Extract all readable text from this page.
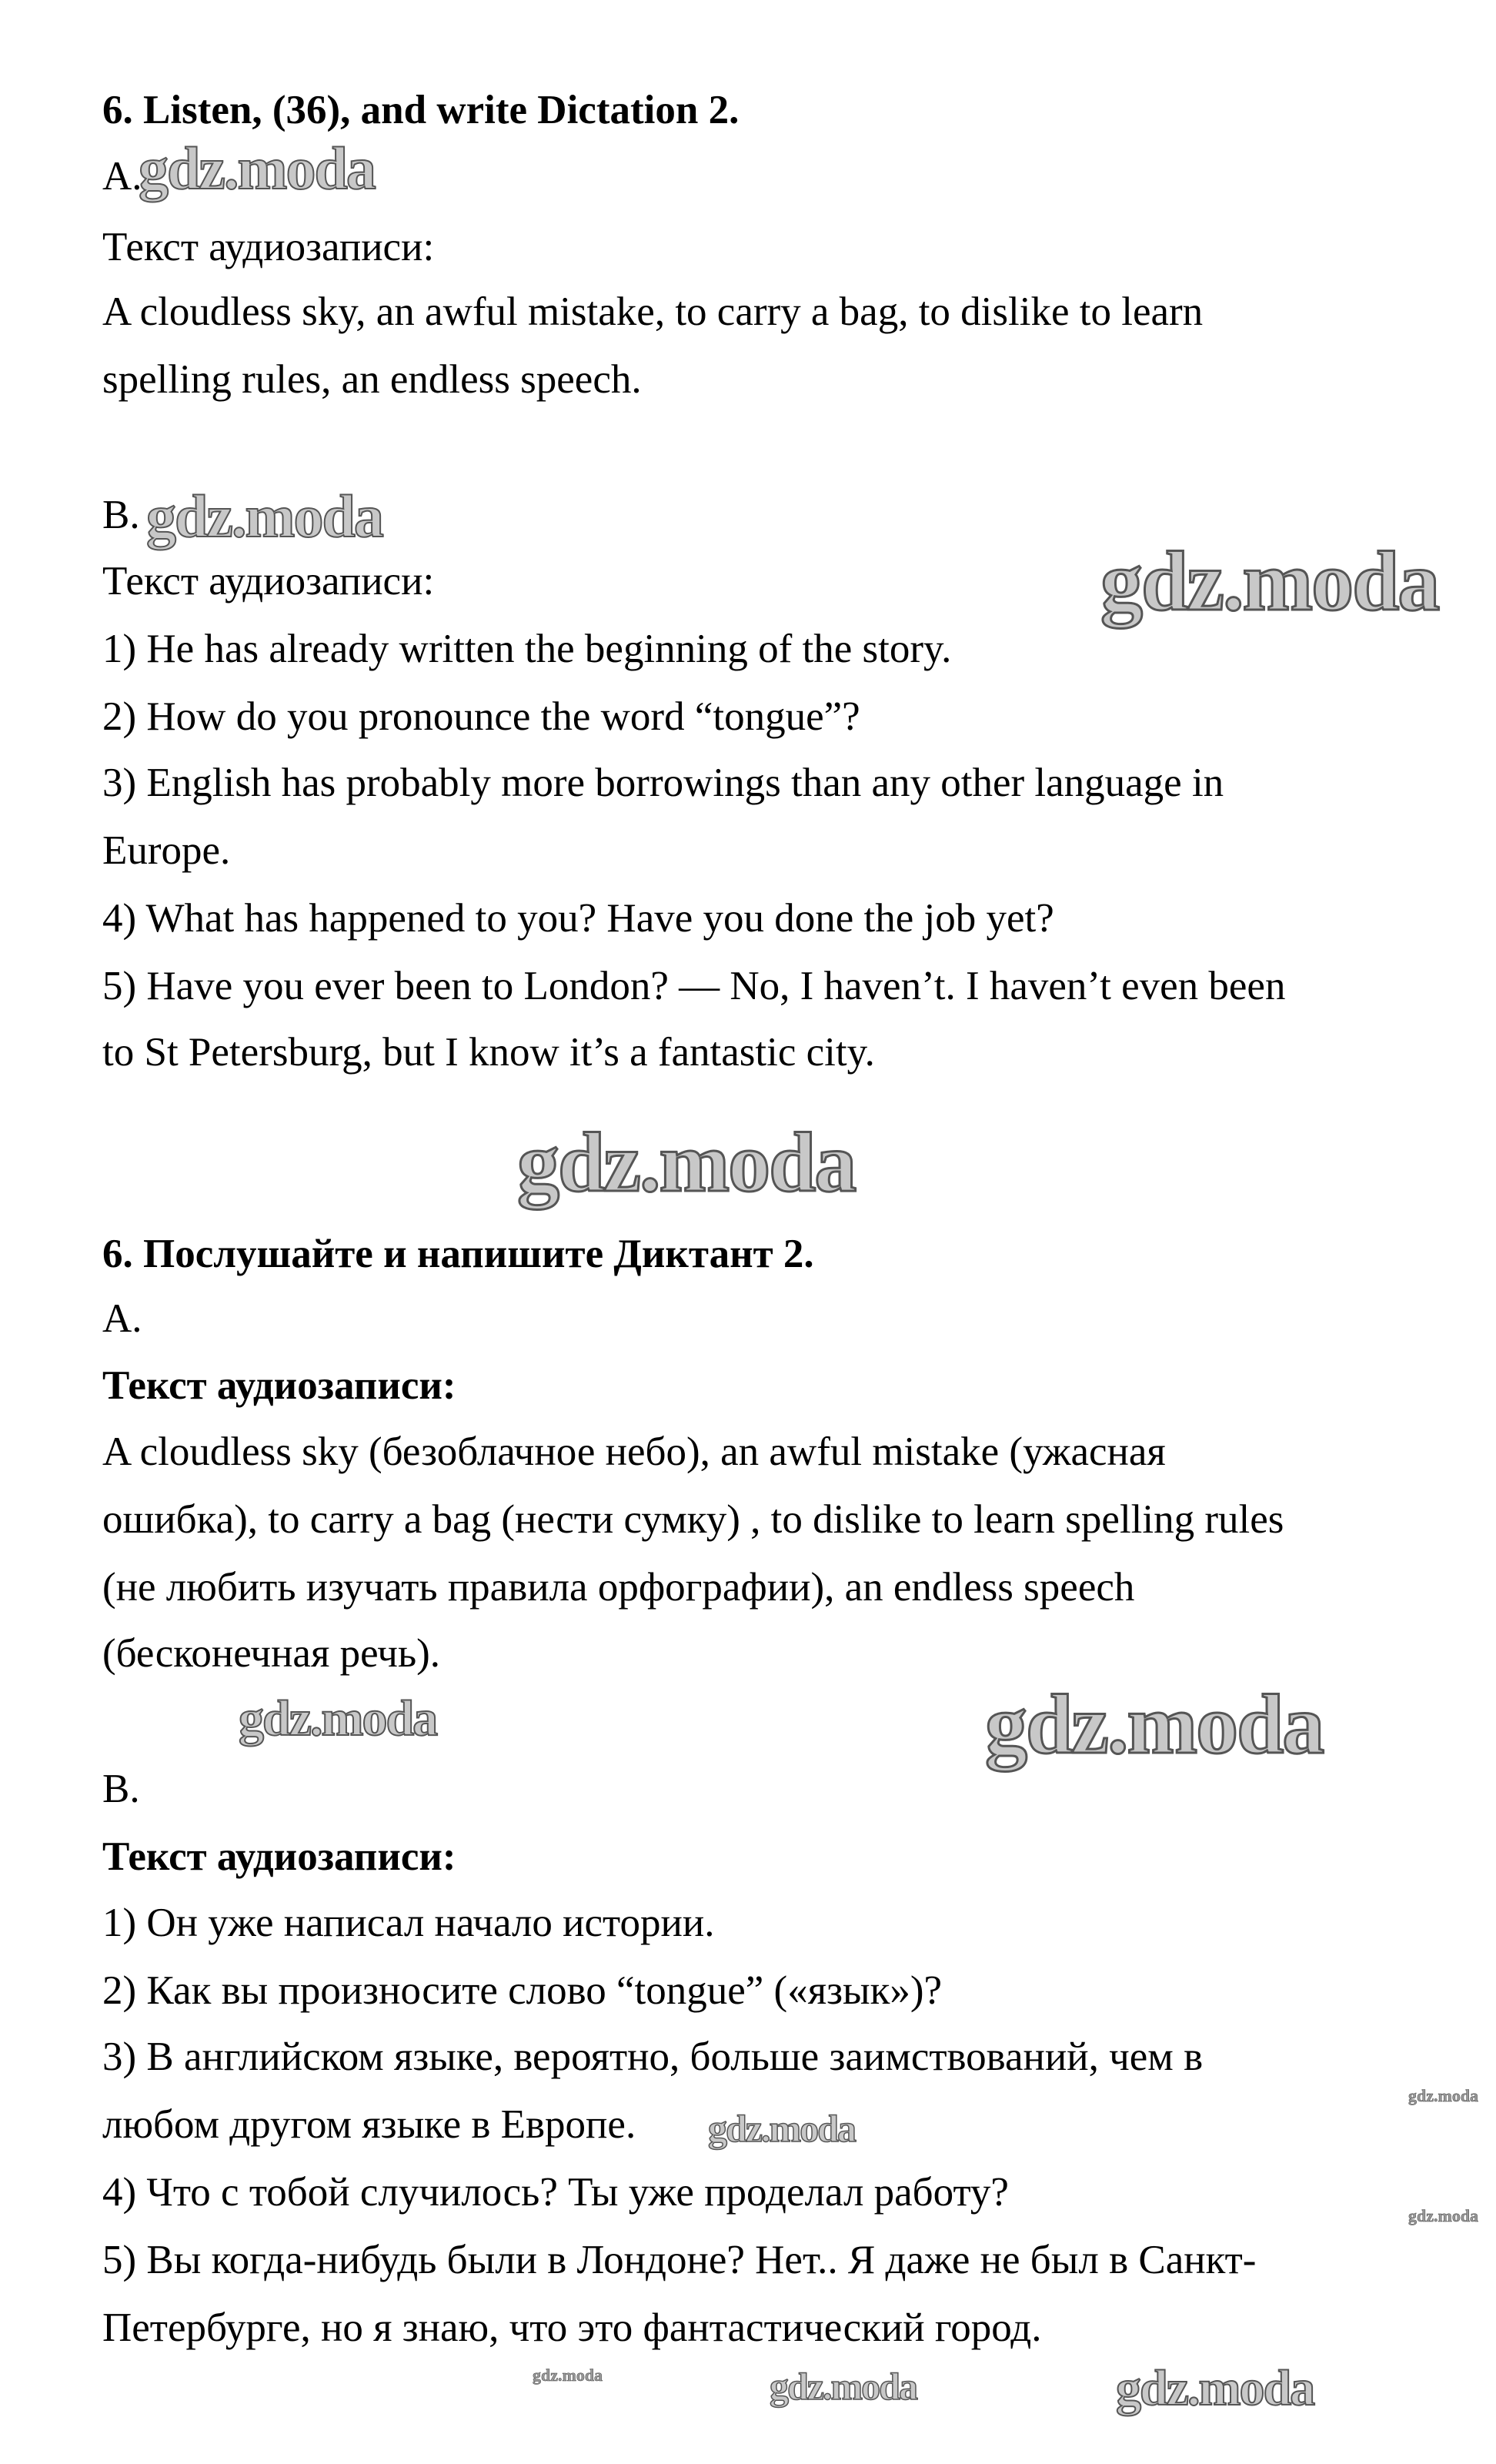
6. Listen, (36), and write Dictation 2.
A.
Текст аудиозаписи:
A cloudless sky, an awful mistake, to carry a bag, to dislike to learn
spelling rules, an endless speech.
B.
Текст аудиозаписи:
1) He has already written the beginning of the story.
2) How do you pronounce the word “tongue”?
3) English has probably more borrowings than any other language in
Europe.
4) What has happened to you? Have you done the job yet?
5) Have you ever been to London? — No, I haven’t. I haven’t even been
to St Petersburg, but I know it’s a fantastic city.
6. Послушайте и напишите Диктант 2.
A.
Текст аудиозаписи:
A cloudless sky (безоблачное небо), an awful mistake (ужасная
ошибка), to carry a bag (нести сумку) , to dislike to learn spelling rules
(не любить изучать правила орфографии), an endless speech
(бесконечная речь).
B.
Текст аудиозаписи:
1) Он уже написал начало истории.
2) Как вы произносите слово “tongue” («язык»)?
3) В английском языке, вероятно, больше заимствований, чем в
любом другом языке в Европе.
4) Что с тобой случилось? Ты уже проделал работу?
5) Вы когда-нибудь были в Лондоне? Нет.. Я даже не был в Санкт-
Петербурге, но я знаю, что это фантастический город.
gdz.moda
gdz.moda
gdz.moda
gdz.moda
gdz.moda	gdz.moda
gdz.moda
gdz.moda
gdz.moda
gdz.moda
gdz.moda	gdz.moda
